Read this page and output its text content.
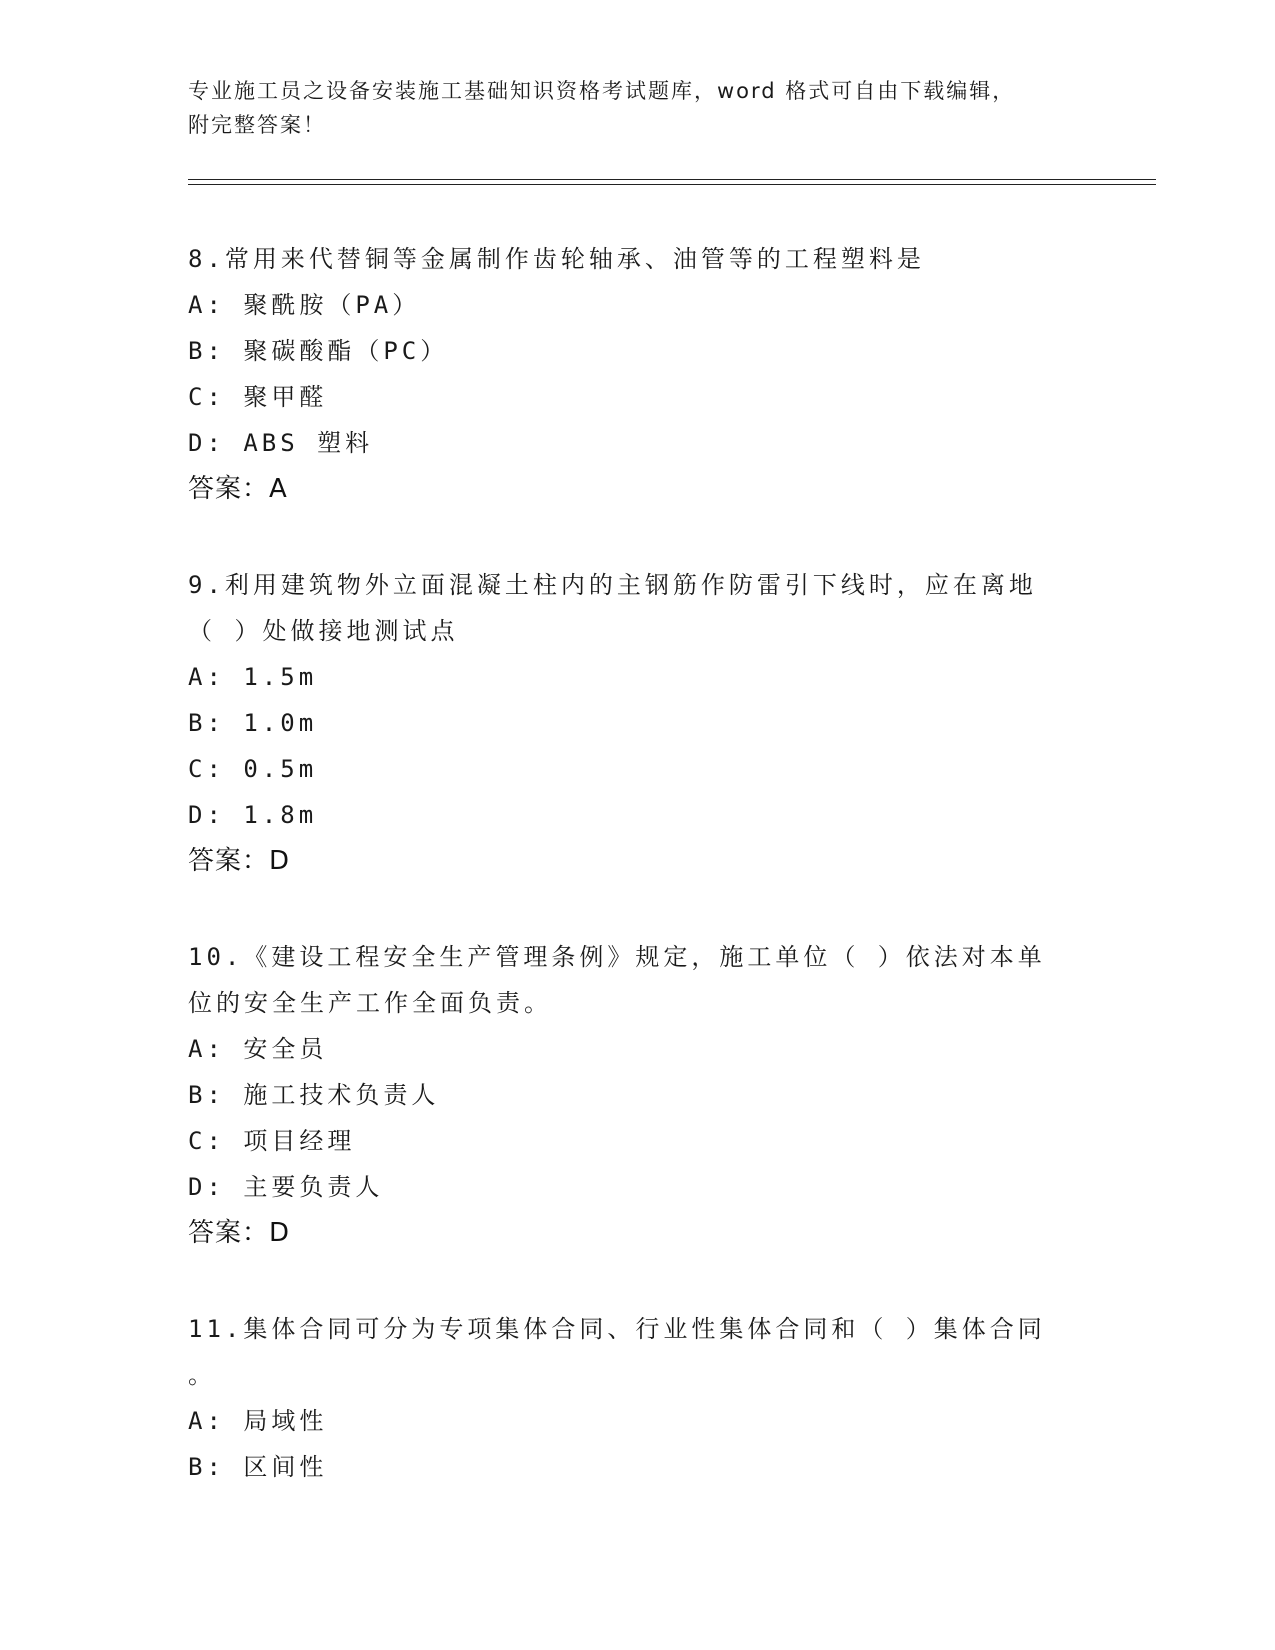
专业施工员之设备安装施工基础知识资格考试题库，word 格式可自由下载编辑，
附完整答案！

8.常用来代替铜等金属制作齿轮轴承、油管等的工程塑料是

A: 聚酰胺（PA）

B: 聚碳酸酯（PC）

C: 聚甲醛

D: ABS 塑料

答案：A

9.利用建筑物外立面混凝土柱内的主钢筋作防雷引下线时，应在离地

（ ）处做接地测试点

A: 1.5m

B: 1.0m

C: 0.5m

D: 1.8m

答案：D

10.《建设工程安全生产管理条例》规定，施工单位（ ）依法对本单

位的安全生产工作全面负责。

A: 安全员

B: 施工技术负责人

C: 项目经理

D: 主要负责人

答案：D

11.集体合同可分为专项集体合同、行业性集体合同和（ ）集体合同

。

A: 局域性

B: 区间性
